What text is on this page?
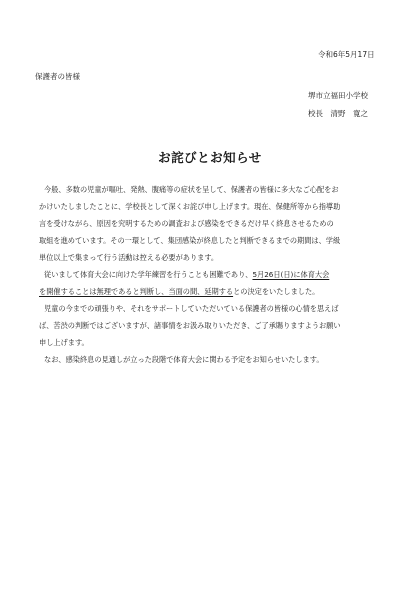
令和6年5月17日
保護者の皆様
堺市立福田小学校
校長　清野　寛之
お詫びとお知らせ
今般、多数の児童が嘔吐、発熱、腹痛等の症状を呈して、保護者の皆様に多大なご心配をお
かけいたしましたことに、学校長として深くお詫び申し上げます。現在、保健所等から指導助
言を受けながら、原因を究明するための調査および感染をできるだけ早く終息させるための
取組を進めています。その一環として、集団感染が終息したと判断できるまでの期間は、学級
単位以上で集まって行う活動は控える必要があります。
従いまして体育大会に向けた学年練習を行うことも困難であり、5月26日(日)に体育大会
を開催することは無理であると判断し、当面の間、延期するとの決定をいたしました。
児童の今までの頑張りや、それをサポートしていただいている保護者の皆様の心情を思えば
ば、苦渋の判断ではございますが、諸事情をお汲み取りいただき、ご了承賜りますようお願い
申し上げます。
なお、感染終息の見通しが立った段階で体育大会に関わる予定をお知らせいたします。
